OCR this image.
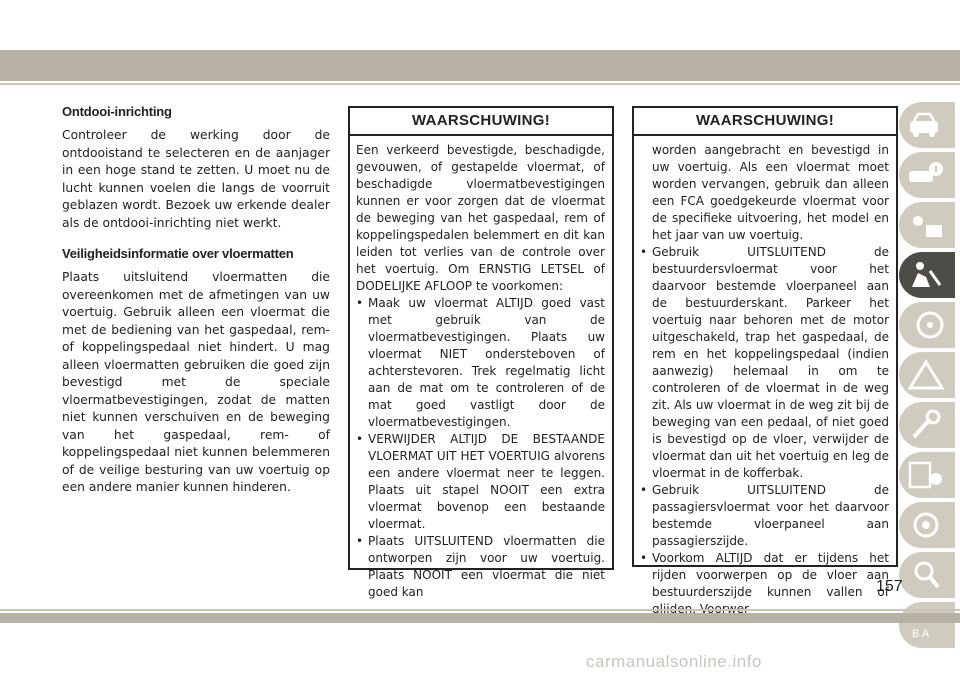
Ontdooi-inrichting

Controleer de werking door de ontdooistand te selecteren en de aanjager in een hoge stand te zetten. U moet nu de lucht kunnen voelen die langs de voorruit geblazen wordt. Bezoek uw erkende dealer als de ontdooi-inrichting niet werkt.

Veiligheidsinformatie over vloermatten

Plaats uitsluitend vloermatten die overeenkomen met de afmetingen van uw voertuig. Gebruik alleen een vloermat die met de bediening van het gaspedaal, rem- of koppelingspedaal niet hindert. U mag alleen vloermatten gebruiken die goed zijn bevestigd met de speciale vloermatbevestigingen, zodat de matten niet kunnen verschuiven en de beweging van het gaspedaal, rem- of koppelingspedaal niet kunnen belemmeren of de veilige besturing van uw voertuig op een andere manier kunnen hinderen.

WAARSCHUWING!

Een verkeerd bevestigde, beschadigde, gevouwen, of gestapelde vloermat, of beschadigde vloermatbevestigingen kunnen er voor zorgen dat de vloermat de beweging van het gaspedaal, rem of koppelingspedalen belemmert en dit kan leiden tot verlies van de controle over het voertuig. Om ERNSTIG LETSEL of DODELIJKE AFLOOP te voorkomen:

• Maak uw vloermat ALTIJD goed vast met gebruik van de vloermatbevestigingen. Plaats uw vloermat NIET ondersteboven of achterstevoren. Trek regelmatig licht aan de mat om te controleren of de mat goed vastligt door de vloermatbevestigingen.
• VERWIJDER ALTIJD DE BESTAANDE VLOERMAT UIT HET VOERTUIG alvorens een andere vloermat neer te leggen. Plaats uit stapel NOOIT een extra vloermat bovenop een bestaande vloermat.
• Plaats UITSLUITEND vloermatten die ontworpen zijn voor uw voertuig. Plaats NOOIT een vloermat die niet goed kan
WAARSCHUWING!

worden aangebracht en bevestigd in uw voertuig. Als een vloermat moet worden vervangen, gebruik dan alleen een FCA goedgekeurde vloermat voor de specifieke uitvoering, het model en het jaar van uw voertuig.

• Gebruik UITSLUITEND de bestuurdersvloermat voor het daarvoor bestemde vloerpaneel aan de bestuurderskant. Parkeer het voertuig naar behoren met de motor uitgeschakeld, trap het gaspedaal, de rem en het koppelingspedaal (indien aanwezig) helemaal in om te controleren of de vloermat in de weg zit. Als uw vloermat in de weg zit bij de beweging van een pedaal, of niet goed is bevestigd op de vloer, verwijder de vloermat dan uit het voertuig en leg de vloermat in de kofferbak.
• Gebruik UITSLUITEND de passagiersvloermat voor het daarvoor bestemde vloerpaneel aan passagierszijde.
• Voorkom ALTIJD dat er tijdens het rijden voorwerpen op de vloer aan bestuurderszijde kunnen vallen of
B A
157
carmanualsonline.info
